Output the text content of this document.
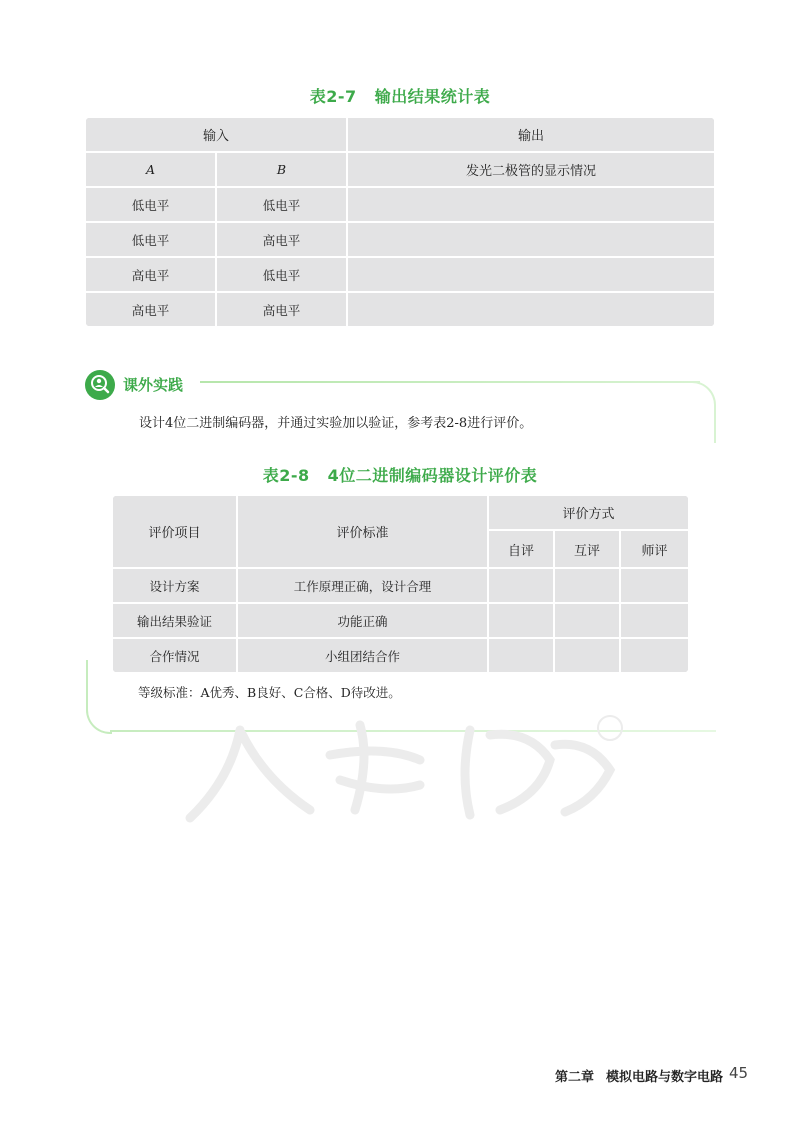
表2-7 输出结果统计表
输入		输出
A	B	发光二极管的显示情况
低电平	低电平	
低电平	高电平	
高电平	低电平	
高电平	高电平	
课外实践
设计4位二进制编码器，并通过实验加以验证，参考表2-8进行评价。
表2-8 4位二进制编码器设计评价表
评价项目	评价标准	评价方式		
		自评	互评	师评
设计方案	工作原理正确，设计合理			
输出结果验证	功能正确			
合作情况	小组团结合作			
等级标准：A优秀、B良好、C合格、D待改进。
第二章 模拟电路与数字电路 45
